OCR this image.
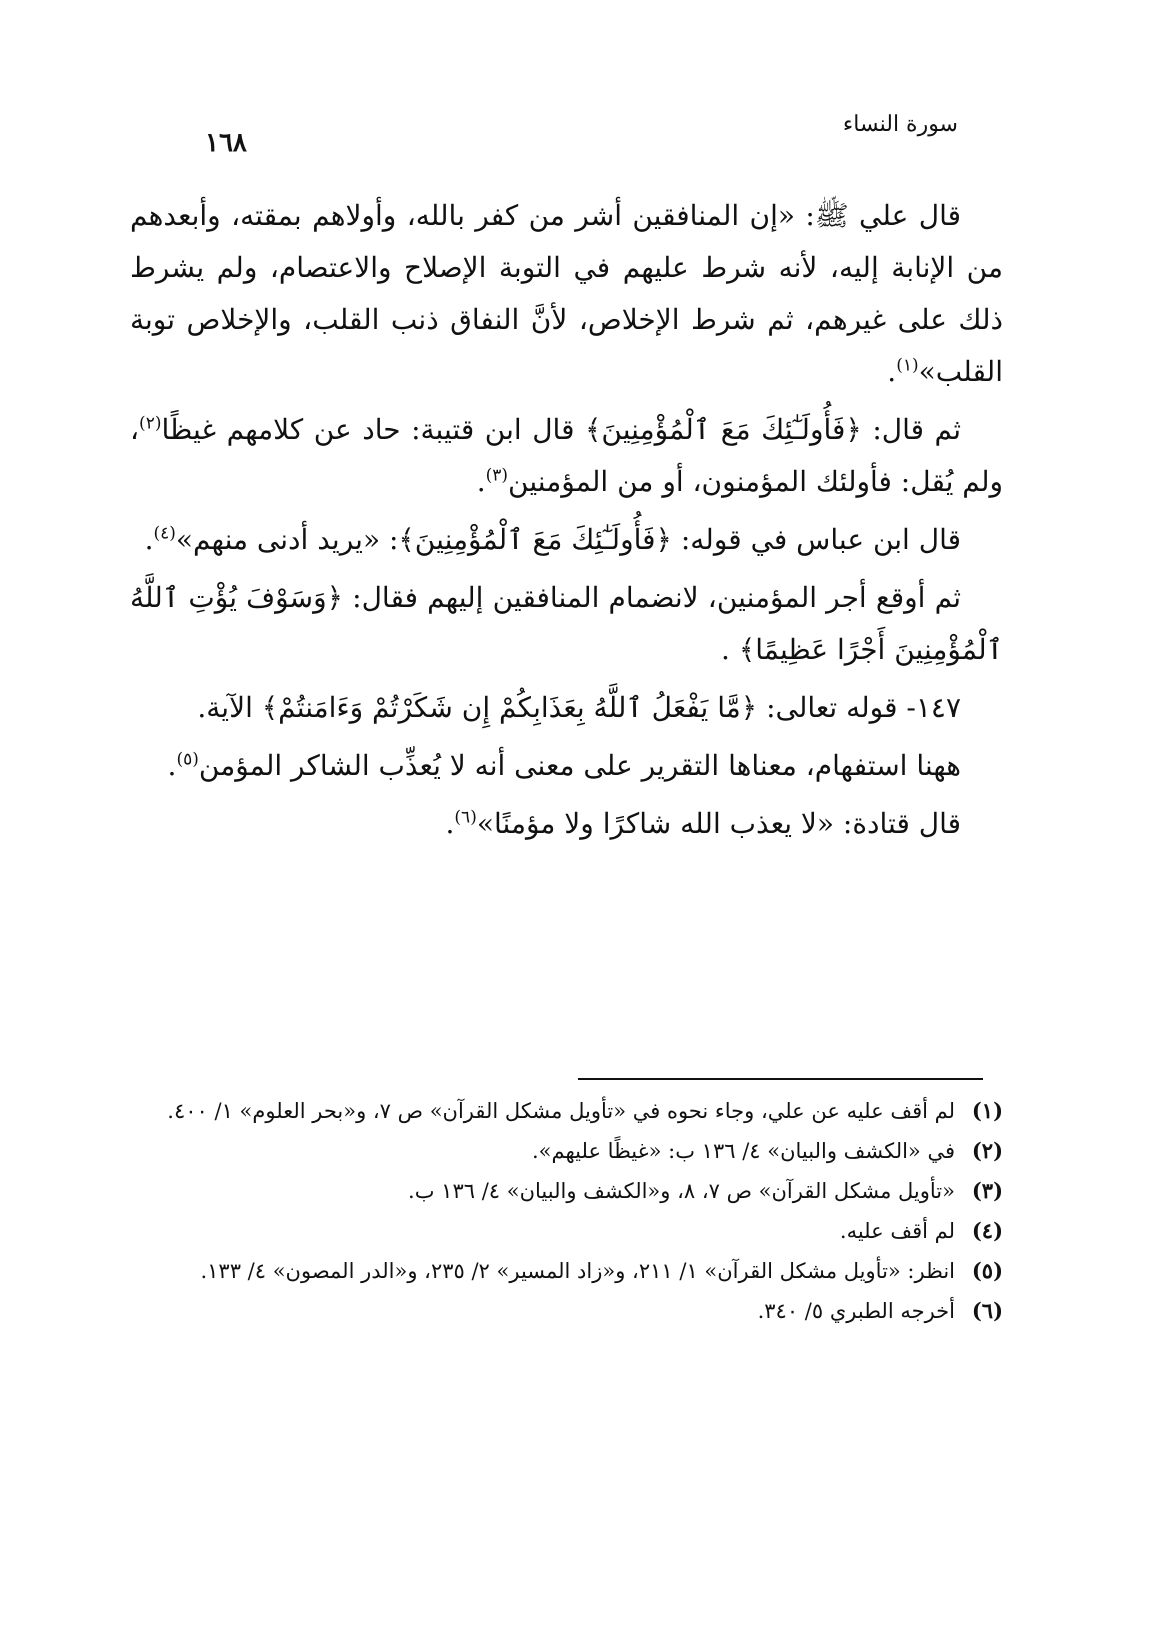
سورة النساء
١٦٨

قال علي ﷺ: «إن المنافقين أشر من كفر بالله، وأولاهم بمقته، وأبعدهم من الإنابة إليه، لأنه شرط عليهم في التوبة الإصلاح والاعتصام، ولم يشرط ذلك على غيرهم، ثم شرط الإخلاص، لأنَّ النفاق ذنب القلب، والإخلاص توبة القلب»$^{(١)}$.

ثم قال: ﴿فَأُولَـٰٓئِكَ مَعَ ٱلْمُؤْمِنِينَ﴾ قال ابن قتيبة: حاد عن كلامهم غيظًا$^{(٢)}$، ولم يُقل: فأولئك المؤمنون، أو من المؤمنين$^{(٣)}$.

قال ابن عباس في قوله: ﴿فَأُولَـٰٓئِكَ مَعَ ٱلْمُؤْمِنِينَ﴾: «يريد أدنى منهم»$^{(٤)}$.

ثم أوقع أجر المؤمنين، لانضمام المنافقين إليهم فقال: ﴿وَسَوْفَ يُؤْتِ ٱللَّهُ ٱلْمُؤْمِنِينَ أَجْرًا عَظِيمًا﴾ .

١٤٧- قوله تعالى: ﴿مَّا يَفْعَلُ ٱللَّهُ بِعَذَابِكُمْ إِن شَكَرْتُمْ وَءَامَنتُمْ﴾ الآية.

ههنا استفهام، معناها التقرير على معنى أنه لا يُعذِّب الشاكر المؤمن$^{(٥)}$.

قال قتادة: «لا يعذب الله شاكرًا ولا مؤمنًا»$^{(٦)}$.

(١)
لم أقف عليه عن علي، وجاء نحوه في «تأويل مشكل القرآن» ص ٧، و«بحر العلوم» ١/ ٤٠٠.
(٢)
في «الكشف والبيان» ٤/ ١٣٦ ب: «غيظًا عليهم».
(٣)
«تأويل مشكل القرآن» ص ٧، ٨، و«الكشف والبيان» ٤/ ١٣٦ ب.
(٤)
لم أقف عليه.
(٥)
انظر: «تأويل مشكل القرآن» ١/ ٢١١، و«زاد المسير» ٢/ ٢٣٥، و«الدر المصون» ٤/ ١٣٣.
(٦)
أخرجه الطبري ٥/ ٣٤٠.
